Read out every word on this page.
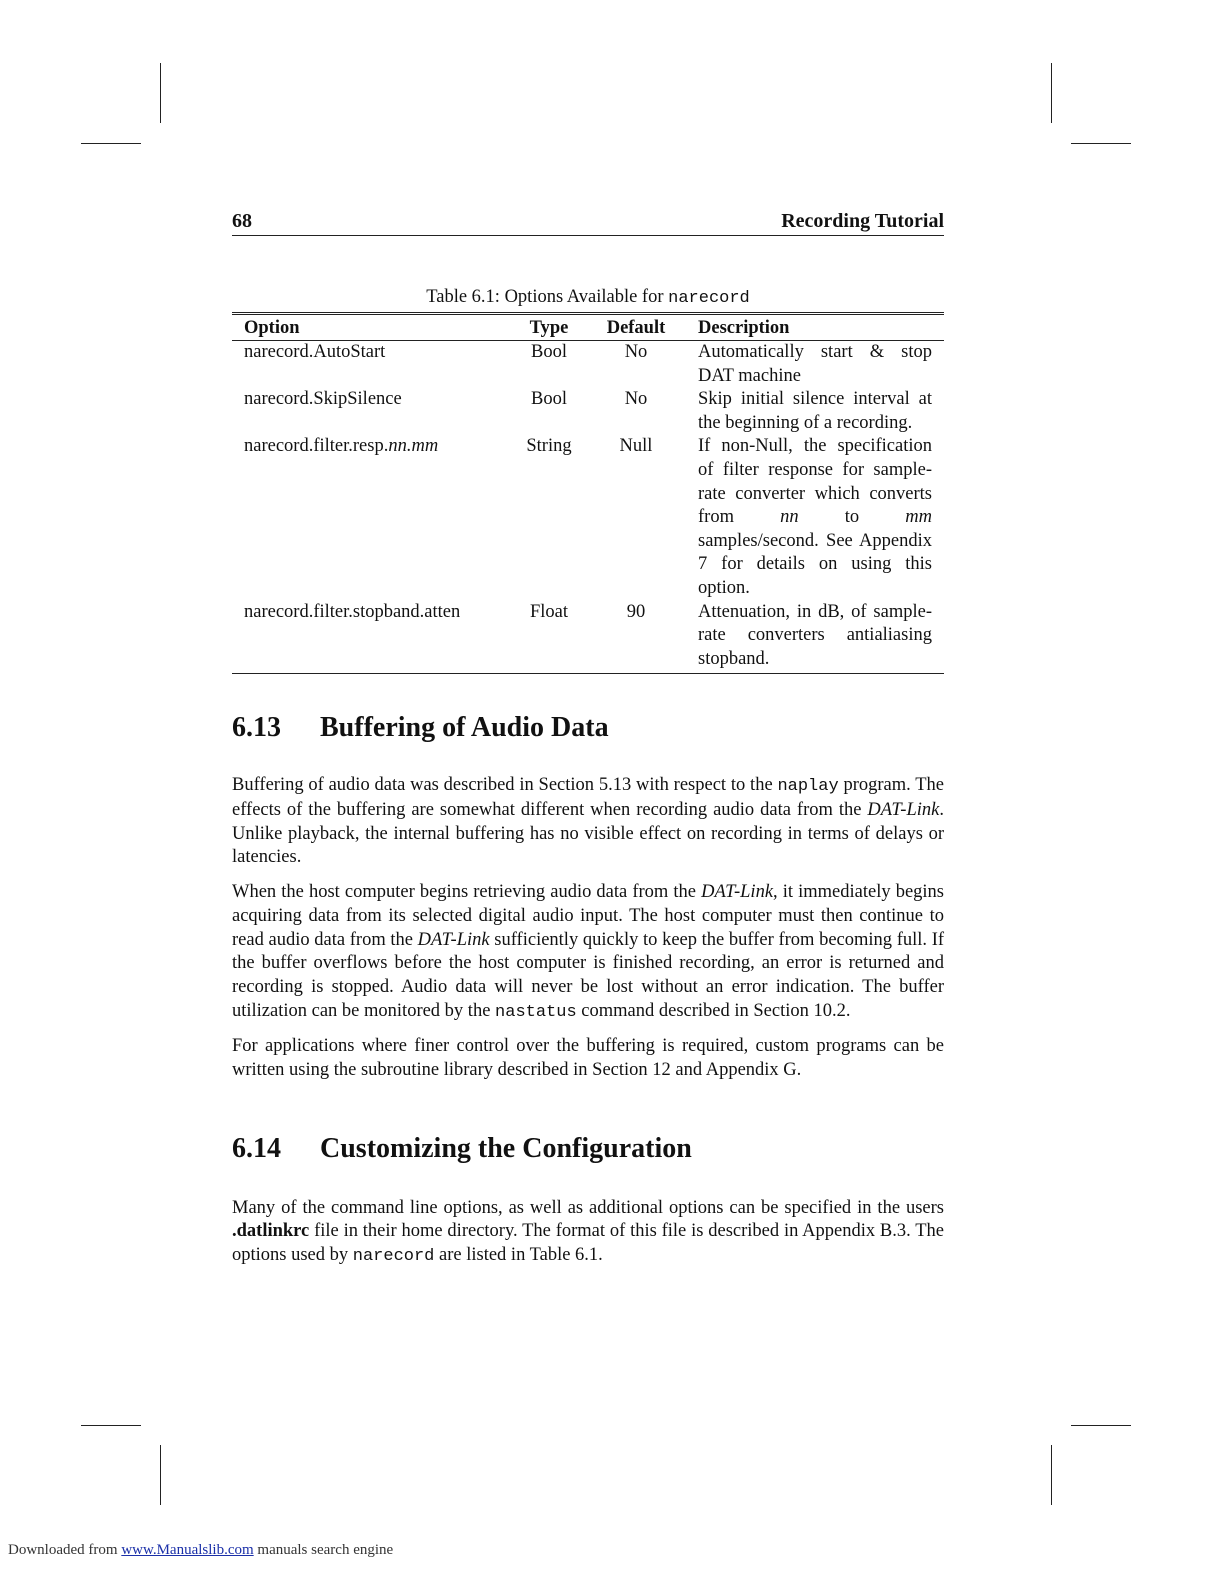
68	Recording Tutorial
Table 6.1: Options Available for narecord
Option	Type	Default	Description
narecord.AutoStart	Bool	No	Automatically start & stop DAT machine
narecord.SkipSilence	Bool	No	Skip initial silence interval at the beginning of a recording.
narecord.filter.resp.nn.mm	String	Null	If non-Null, the specification of filter response for sample-rate converter which converts from nn to mm samples/second. See Appendix 7 for details on using this option.
narecord.filter.stopband.atten	Float	90	Attenuation, in dB, of sample-rate converters antialiasing stopband.
6.13	Buffering of Audio Data

Buffering of audio data was described in Section 5.13 with respect to the naplay program. The effects of the buffering are somewhat different when recording audio data from the DAT-Link. Unlike playback, the internal buffering has no visible effect on recording in terms of delays or latencies.

When the host computer begins retrieving audio data from the DAT-Link, it immediately begins acquiring data from its selected digital audio input. The host computer must then continue to read audio data from the DAT-Link sufficiently quickly to keep the buffer from becoming full. If the buffer overflows before the host computer is finished recording, an error is returned and recording is stopped. Audio data will never be lost without an error indication. The buffer utilization can be monitored by the nastatus command described in Section 10.2.

For applications where finer control over the buffering is required, custom programs can be written using the subroutine library described in Section 12 and Appendix G.

6.14	Customizing the Configuration

Many of the command line options, as well as additional options can be specified in the users .datlinkrc file in their home directory. The format of this file is described in Appendix B.3. The options used by narecord are listed in Table 6.1.

Downloaded from www.Manualslib.com manuals search engine
